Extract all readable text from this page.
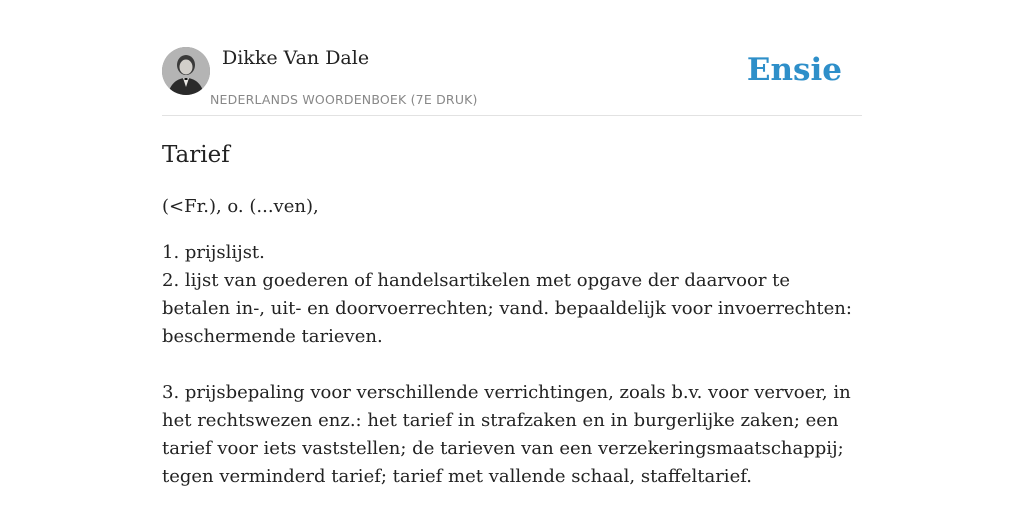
Dikke Van Dale
NEDERLANDS WOORDENBOEK (7E DRUK)
Ensie
Tarief

(<Fr.), o. (...ven),

1. prijslijst.

2. lijst van goederen of handelsartikelen met opgave der daarvoor te betalen in-, uit- en doorvoerrechten; vand. bepaaldelijk voor invoerrechten: beschermende tarieven.

3. prijsbepaling voor verschillende verrichtingen, zoals b.v. voor vervoer, in het rechtswezen enz.: het tarief in strafzaken en in burgerlijke zaken; een tarief voor iets vaststellen; de tarieven van een verzekeringsmaatschappij; tegen verminderd tarief; tarief met vallende schaal, staffeltarief.
